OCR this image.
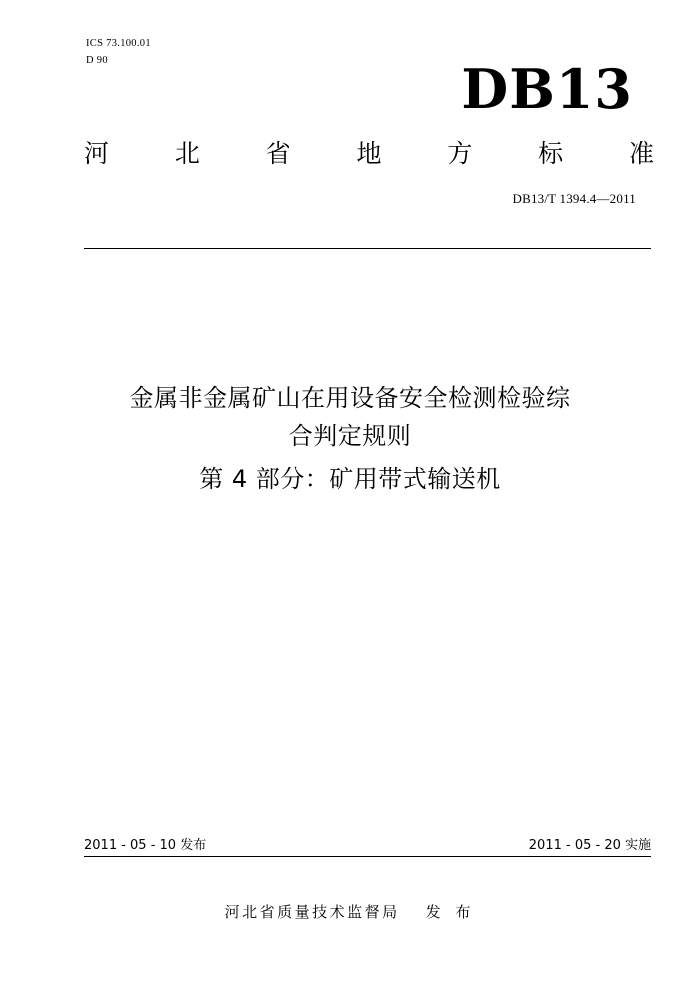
ICS 73.100.01
D 90	DB13
河	北	省	地	方	标	准
DB13/T 1394.4—2011
金属非金属矿山在用设备安全检测检验综
合判定规则
第 4 部分：矿用带式输送机
2011 - 05 - 10 发布	2011 - 05 - 20 实施
河北省质量技术监督局 发 布
